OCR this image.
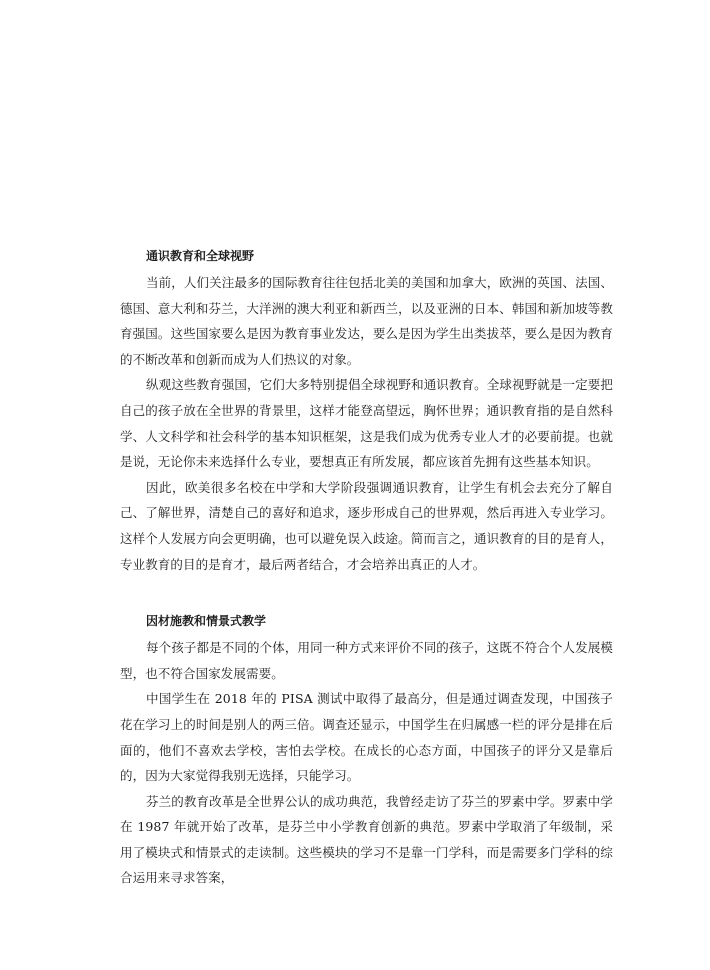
通识教育和全球视野

当前，人们关注最多的国际教育往往包括北美的美国和加拿大，欧洲的英国、法国、德国、意大利和芬兰，大洋洲的澳大利亚和新西兰，以及亚洲的日本、韩国和新加坡等教育强国。这些国家要么是因为教育事业发达，要么是因为学生出类拔萃，要么是因为教育的不断改革和创新而成为人们热议的对象。

纵观这些教育强国，它们大多特别提倡全球视野和通识教育。全球视野就是一定要把自己的孩子放在全世界的背景里，这样才能登高望远，胸怀世界；通识教育指的是自然科学、人文科学和社会科学的基本知识框架，这是我们成为优秀专业人才的必要前提。也就是说，无论你未来选择什么专业，要想真正有所发展，都应该首先拥有这些基本知识。

因此，欧美很多名校在中学和大学阶段强调通识教育，让学生有机会去充分了解自己、了解世界，清楚自己的喜好和追求，逐步形成自己的世界观，然后再进入专业学习。这样个人发展方向会更明确，也可以避免误入歧途。简而言之，通识教育的目的是育人，专业教育的目的是育才，最后两者结合，才会培养出真正的人才。

因材施教和情景式教学

每个孩子都是不同的个体，用同一种方式来评价不同的孩子，这既不符合个人发展模型，也不符合国家发展需要。

中国学生在 2018 年的 PISA 测试中取得了最高分，但是通过调查发现，中国孩子花在学习上的时间是别人的两三倍。调查还显示，中国学生在归属感一栏的评分是排在后面的，他们不喜欢去学校，害怕去学校。在成长的心态方面，中国孩子的评分又是靠后的，因为大家觉得我别无选择，只能学习。

芬兰的教育改革是全世界公认的成功典范，我曾经走访了芬兰的罗素中学。罗素中学在 1987 年就开始了改革，是芬兰中小学教育创新的典范。罗素中学取消了年级制，采用了模块式和情景式的走读制。这些模块的学习不是靠一门学科，而是需要多门学科的综合运用来寻求答案，
